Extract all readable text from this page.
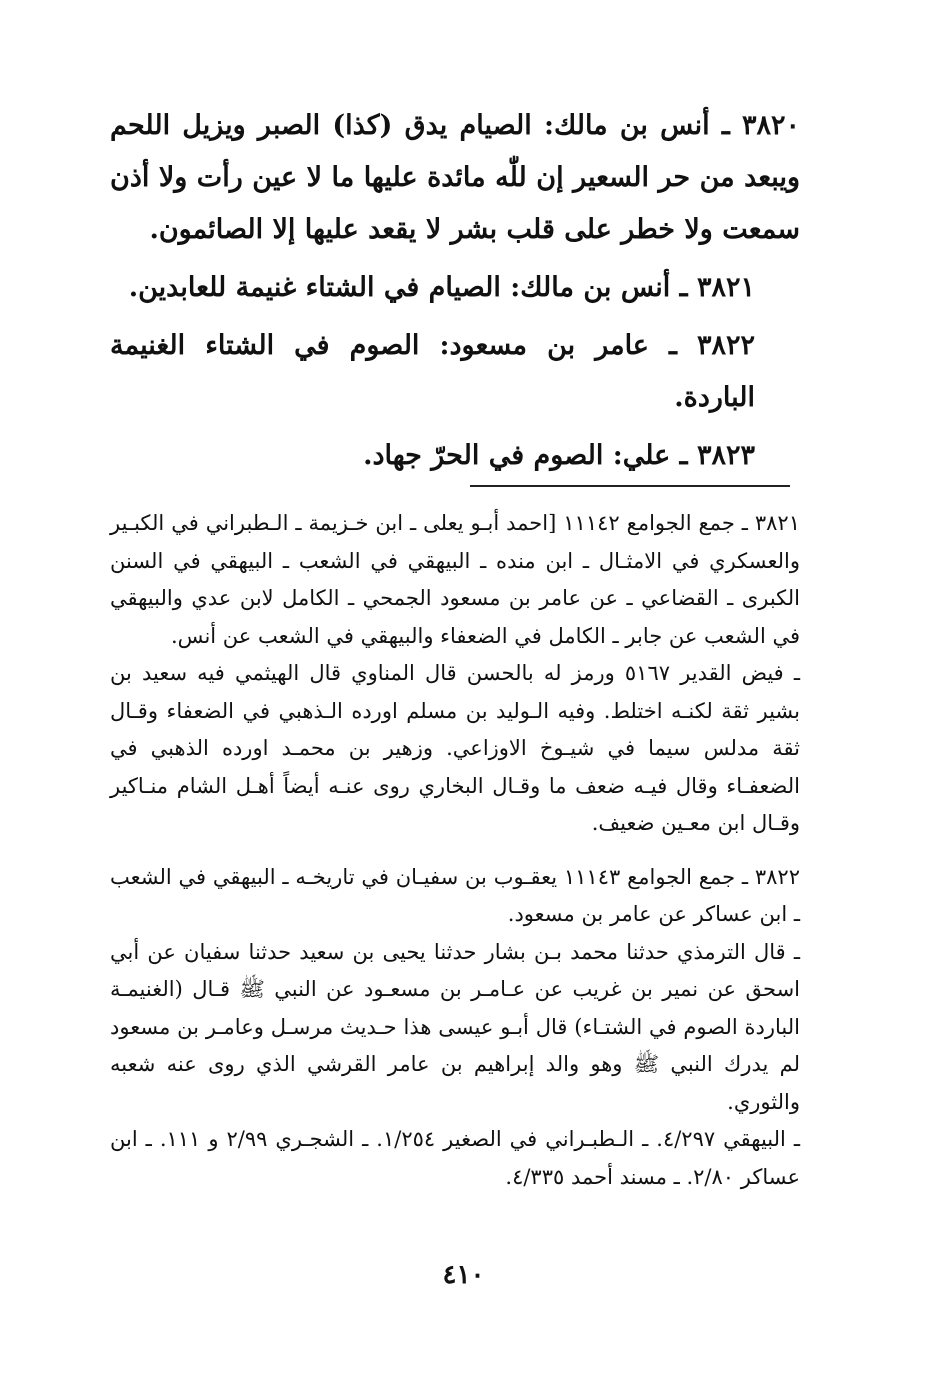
٣٨٢٠ ـ أنس بن مالك: الصيام يدق (كذا) الصبر ويزيل اللحم ويبعد من حر السعير إن للّٰه مائدة عليها ما لا عين رأت ولا أذن سمعت ولا خطر على قلب بشر لا يقعد عليها إلا الصائمون.

٣٨٢١ ـ أنس بن مالك: الصيام في الشتاء غنيمة للعابدين.

٣٨٢٢ ـ عامر بن مسعود: الصوم في الشتاء الغنيمة الباردة.

٣٨٢٣ ـ علي: الصوم في الحرّ جهاد.

٣٨٢١ ـ جمع الجوامع ١١١٤٢ [احمد أبـو يعلى ـ ابن خـزيمة ـ الـطبراني في الكبـير والعسكري في الامثـال ـ ابن منده ـ البيهقي في الشعب ـ البيهقي في السنن الكبرى ـ القضاعي ـ عن عامر بن مسعود الجمحي ـ الكامل لابن عدي والبيهقي في الشعب عن جابر ـ الكامل في الضعفاء والبيهقي في الشعب عن أنس.

ـ فيض القدير ٥١٦٧ ورمز له بالحسن قال المناوي قال الهيثمي فيه سعيد بن بشير ثقة لكنـه اختلط. وفيه الـوليد بن مسلم اورده الـذهبي في الضعفاء وقـال ثقة مدلس سيما في شيـوخ الاوزاعي. وزهير بن محمـد اورده الذهبي في الضعفـاء وقال فيـه ضعف ما وقـال البخاري روى عنـه أيضاً أهـل الشام منـاكير وقـال ابن معـين ضعيف.

٣٨٢٢ ـ جمع الجوامع ١١١٤٣ يعقـوب بن سفيـان في تاريخـه ـ البيهقي في الشعب ـ ابن عساكر عن عامر بن مسعود.

ـ قال الترمذي حدثنا محمد بـن بشار حدثنا يحيى بن سعيد حدثنا سفيان عن أبي اسحق عن نمير بن غريب عن عـامـر بن مسعـود عن النبي ﷺ قـال (الغنيمـة الباردة الصوم في الشتـاء) قال أبـو عيسى هذا حـديث مرسـل وعامـر بن مسعود لم يدرك النبي ﷺ وهو والد إبراهيم بن عامر القرشي الذي روى عنه شعبه والثوري.

ـ البيهقي ٤/٢٩٧. ـ الـطبـراني في الصغير ١/٢٥٤. ـ الشجـري ٢/٩٩ و ١١١. ـ ابن عساكر ٢/٨٠. ـ مسند أحمد ٤/٣٣٥.

٤١٠
